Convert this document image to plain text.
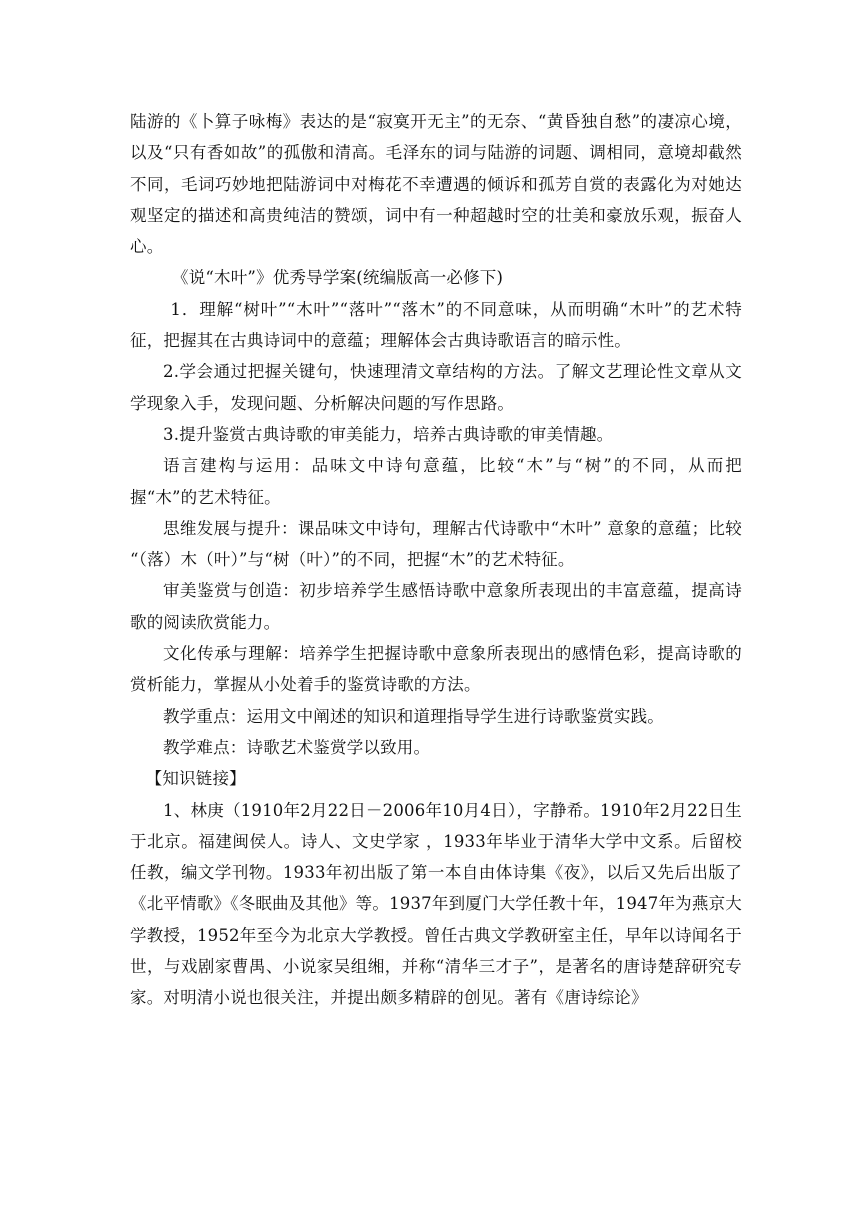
陆游的《卜算子咏梅》表达的是“寂寞开无主”的无奈、“黄昏独自愁”的凄凉心境，以及“只有香如故”的孤傲和清高。毛泽东的词与陆游的词题、调相同，意境却截然不同，毛词巧妙地把陆游词中对梅花不幸遭遇的倾诉和孤芳自赏的表露化为对她达观坚定的描述和高贵纯洁的赞颂，词中有一种超越时空的壮美和豪放乐观，振奋人心。

《说“木叶”》优秀导学案(统编版高一必修下)

1．理解“树叶”“木叶”“落叶”“落木”的不同意味，从而明确“木叶”的艺术特征，把握其在古典诗词中的意蕴；理解体会古典诗歌语言的暗示性。

2.学会通过把握关键句，快速理清文章结构的方法。了解文艺理论性文章从文学现象入手，发现问题、分析解决问题的写作思路。

3.提升鉴赏古典诗歌的审美能力，培养古典诗歌的审美情趣。

语言建构与运用：品味文中诗句意蕴，比较“木”与“树”的不同，从而把握“木”的艺术特征。

思维发展与提升：课品味文中诗句，理解古代诗歌中“木叶” 意象的意蕴；比较 “（落）木（叶）”与“树（叶）”的不同，把握“木”的艺术特征。

审美鉴赏与创造：初步培养学生感悟诗歌中意象所表现出的丰富意蕴，提高诗歌的阅读欣赏能力。

文化传承与理解：培养学生把握诗歌中意象所表现出的感情色彩，提高诗歌的赏析能力，掌握从小处着手的鉴赏诗歌的方法。

教学重点：运用文中阐述的知识和道理指导学生进行诗歌鉴赏实践。

教学难点：诗歌艺术鉴赏学以致用。

【知识链接】

1、林庚（1910年2月22日－2006年10月4日），字静希。1910年2月22日生于北京。福建闽侯人。诗人、文史学家 ，1933年毕业于清华大学中文系。后留校任教，编文学刊物。1933年初出版了第一本自由体诗集《夜》，以后又先后出版了《北平情歌》《冬眠曲及其他》等。1937年到厦门大学任教十年，1947年为燕京大学教授，1952年至今为北京大学教授。曾任古典文学教研室主任，早年以诗闻名于世，与戏剧家曹禺、小说家吴组缃，并称“清华三才子”，是著名的唐诗楚辞研究专家。对明清小说也很关注，并提出颇多精辟的创见。著有《唐诗综论》
